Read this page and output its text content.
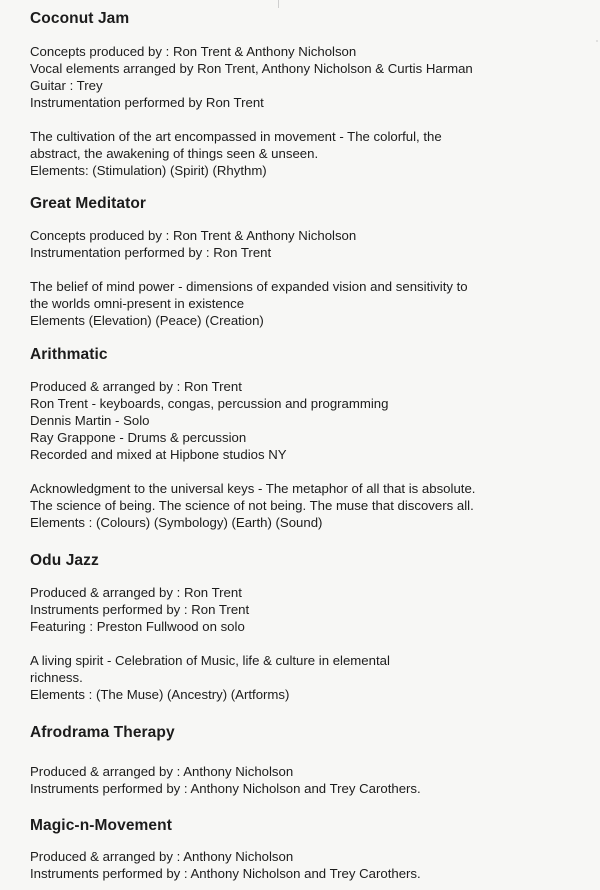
Coconut Jam
Concepts produced by : Ron Trent & Anthony Nicholson
Vocal elements arranged by Ron Trent, Anthony Nicholson & Curtis Harman
Guitar : Trey
Instrumentation performed by Ron Trent
The cultivation of the art encompassed in movement - The colorful, the
abstract, the awakening of things seen & unseen.
Elements: (Stimulation) (Spirit) (Rhythm)
Great Meditator
Concepts produced by : Ron Trent & Anthony Nicholson
Instrumentation performed by : Ron Trent
The belief of mind power - dimensions of expanded vision and sensitivity to
the worlds omni-present in existence
Elements (Elevation) (Peace) (Creation)
Arithmatic
Produced & arranged by : Ron Trent
Ron Trent - keyboards, congas, percussion and programming
Dennis Martin - Solo
Ray Grappone - Drums & percussion
Recorded and mixed at Hipbone studios NY
Acknowledgment to the universal keys - The metaphor of all that is absolute.
The science of being. The science of not being. The muse that discovers all.
Elements : (Colours) (Symbology) (Earth) (Sound)
Odu Jazz
Produced & arranged by : Ron Trent
Instruments performed by : Ron Trent
Featuring : Preston Fullwood on solo
A living spirit - Celebration of Music, life & culture in elemental
richness.
Elements : (The Muse) (Ancestry) (Artforms)
Afrodrama Therapy
Produced & arranged by : Anthony Nicholson
Instruments performed by : Anthony Nicholson and Trey Carothers.
Magic-n-Movement
Produced & arranged by : Anthony Nicholson
Instruments performed by : Anthony Nicholson and Trey Carothers.
